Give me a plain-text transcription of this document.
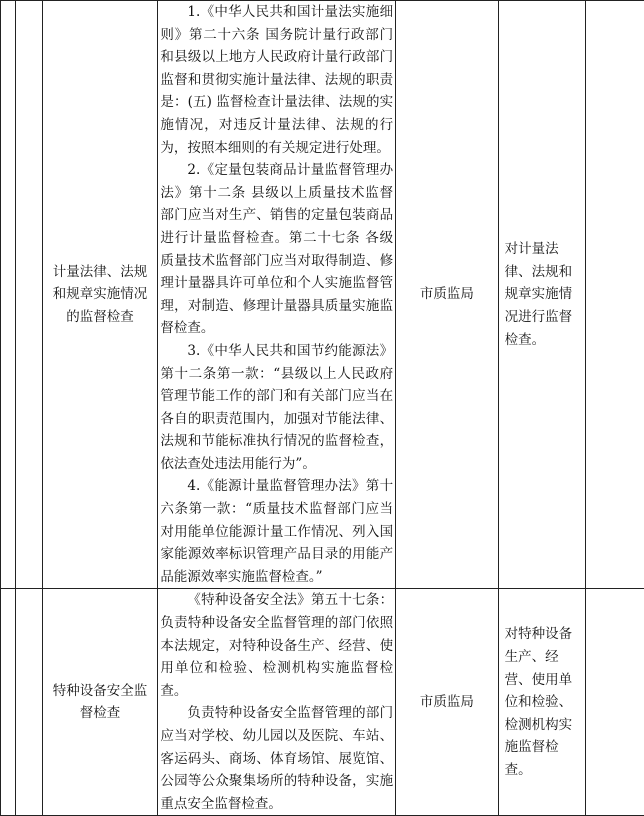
		计量法律、法规和规章实施情况的监督检查	1.《中华人民共和国计量法实施细则》第二十六条 国务院计量行政部门和县级以上地方人民政府计量行政部门监督和贯彻实施计量法律、法规的职责是：(五) 监督检查计量法律、法规的实施情况，对违反计量法律、法规的行为，按照本细则的有关规定进行处理。

2.《定量包装商品计量监督管理办法》第十二条 县级以上质量技术监督部门应当对生产、销售的定量包装商品进行计量监督检查。第二十七条 各级质量技术监督部门应当对取得制造、修理计量器具许可单位和个人实施监督管理，对制造、修理计量器具质量实施监督检查。

3.《中华人民共和国节约能源法》第十二条第一款：“县级以上人民政府管理节能工作的部门和有关部门应当在各自的职责范围内，加强对节能法律、法规和节能标准执行情况的监督检查，依法查处违法用能行为”。

4.《能源计量监督管理办法》第十六条第一款：“质量技术监督部门应当对用能单位能源计量工作情况、列入国家能源效率标识管理产品目录的用能产品能源效率实施监督检查。”	市质监局	对计量法律、法规和规章实施情况进行监督检查。	

		特种设备安全监督检查	《特种设备安全法》第五十七条：负责特种设备安全监督管理的部门依照本法规定，对特种设备生产、经营、使用单位和检验、检测机构实施监督检查。

负责特种设备安全监督管理的部门应当对学校、幼儿园以及医院、车站、客运码头、商场、体育场馆、展览馆、公园等公众聚集场所的特种设备，实施重点安全监督检查。	市质监局	对特种设备生产、经营、使用单位和检验、检测机构实施监督检查。	
